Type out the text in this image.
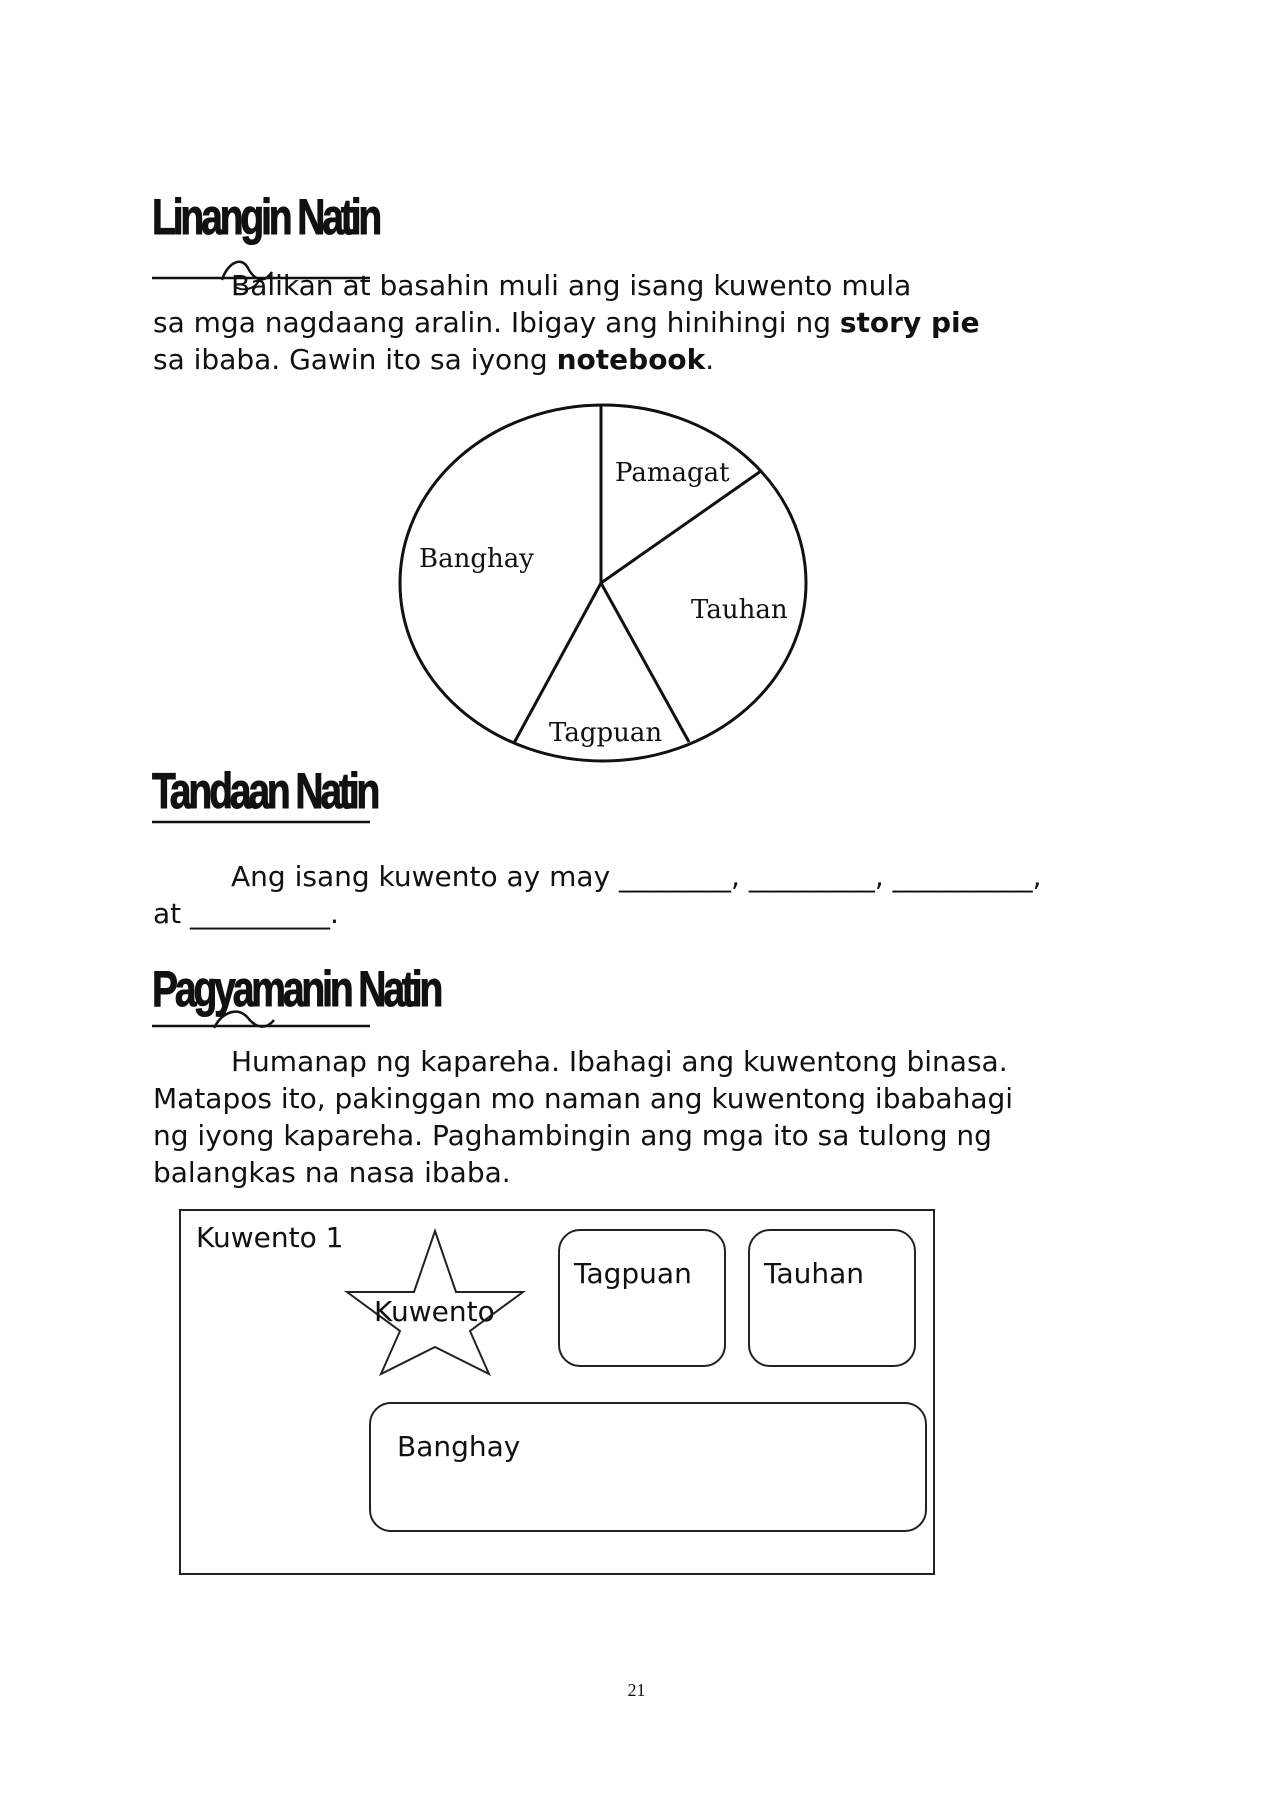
Linangin Natin
Balikan at basahin muli ang isang kuwento mula
sa mga nagdaang aralin. Ibigay ang hinihingi ng story pie
sa ibaba. Gawin ito sa iyong notebook.
Pamagat
Tauhan
Tagpuan
Banghay
Tandaan Natin
Ang isang kuwento ay may ________, _________, __________,
at __________.
Pagyamanin Natin
Humanap ng kapareha. Ibahagi ang kuwentong binasa.
Matapos ito, pakinggan mo naman ang kuwentong ibabahagi
ng iyong kapareha. Paghambingin ang mga ito sa tulong ng
balangkas na nasa ibaba.
Kuwento 1
Kuwento
Tagpuan	Tauhan
Banghay
21
